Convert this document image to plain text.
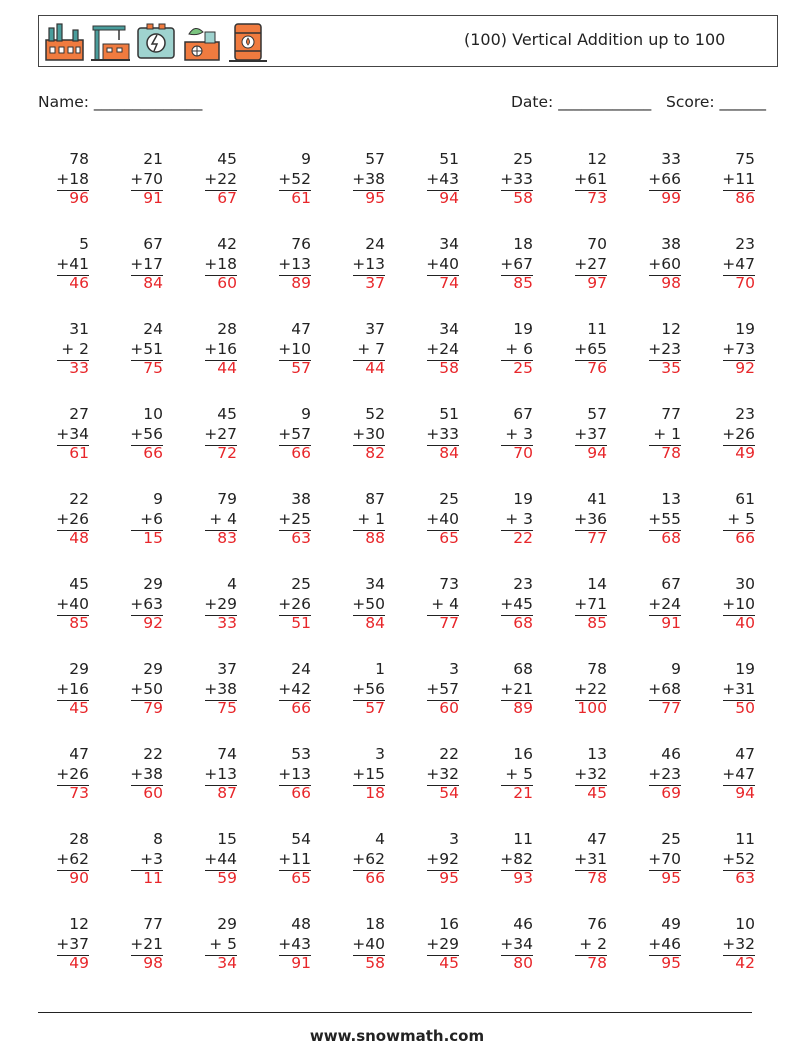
(100) Vertical Addition up to 100
Name: ______________	Date: ____________ Score: ______
78
+18
96
21
+70
91
45
+22
67
9
+52
61
57
+38
95
51
+43
94
25
+33
58
12
+61
73
33
+66
99
75
+11
86
5
+41
46
67
+17
84
42
+18
60
76
+13
89
24
+13
37
34
+40
74
18
+67
85
70
+27
97
38
+60
98
23
+47
70
31
+ 2
33
24
+51
75
28
+16
44
47
+10
57
37
+ 7
44
34
+24
58
19
+ 6
25
11
+65
76
12
+23
35
19
+73
92
27
+34
61
10
+56
66
45
+27
72
9
+57
66
52
+30
82
51
+33
84
67
+ 3
70
57
+37
94
77
+ 1
78
23
+26
49
22
+26
48
9
+6
15
79
+ 4
83
38
+25
63
87
+ 1
88
25
+40
65
19
+ 3
22
41
+36
77
13
+55
68
61
+ 5
66
45
+40
85
29
+63
92
4
+29
33
25
+26
51
34
+50
84
73
+ 4
77
23
+45
68
14
+71
85
67
+24
91
30
+10
40
29
+16
45
29
+50
79
37
+38
75
24
+42
66
1
+56
57
3
+57
60
68
+21
89
78
+22
100
9
+68
77
19
+31
50
47
+26
73
22
+38
60
74
+13
87
53
+13
66
3
+15
18
22
+32
54
16
+ 5
21
13
+32
45
46
+23
69
47
+47
94
28
+62
90
8
+3
11
15
+44
59
54
+11
65
4
+62
66
3
+92
95
11
+82
93
47
+31
78
25
+70
95
11
+52
63
12
+37
49
77
+21
98
29
+ 5
34
48
+43
91
18
+40
58
16
+29
45
46
+34
80
76
+ 2
78
49
+46
95
10
+32
42
www.snowmath.com
